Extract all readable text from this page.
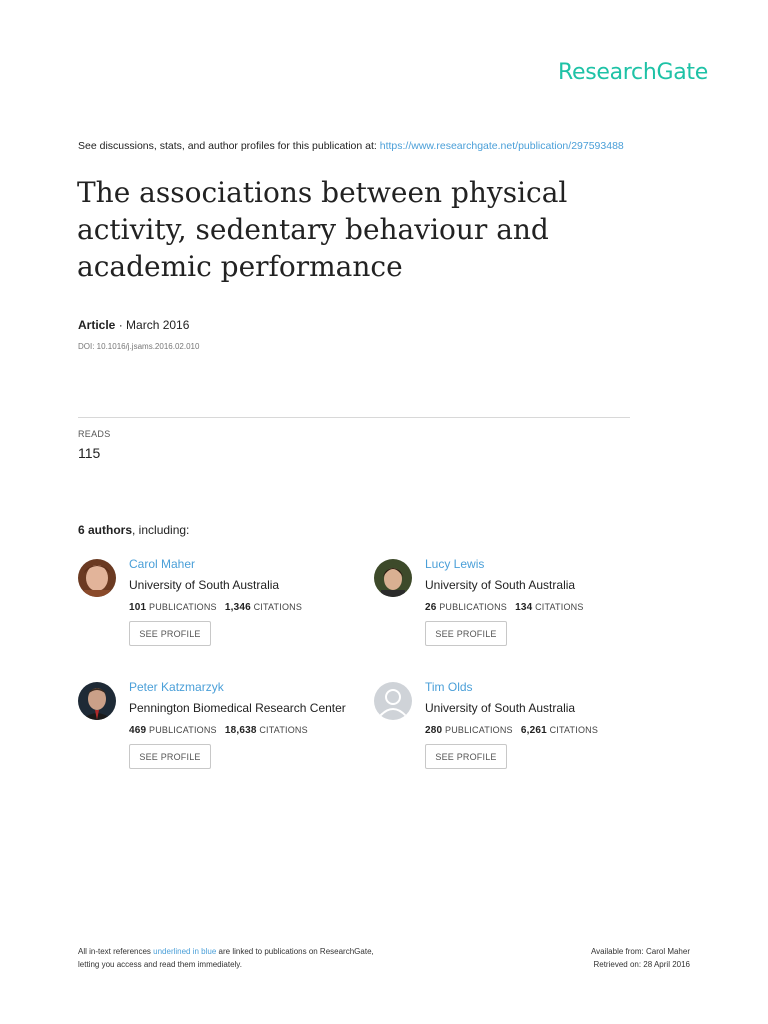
ResearchGate
See discussions, stats, and author profiles for this publication at: https://www.researchgate.net/publication/297593488
The associations between physical activity, sedentary behaviour and academic performance
Article · March 2016
DOI: 10.1016/j.jsams.2016.02.010
READS
115
6 authors, including:
Carol Maher
University of South Australia
101 PUBLICATIONS 1,346 CITATIONS
SEE PROFILE
Lucy Lewis
University of South Australia
26 PUBLICATIONS 134 CITATIONS
SEE PROFILE
Peter Katzmarzyk
Pennington Biomedical Research Center
469 PUBLICATIONS 18,638 CITATIONS
SEE PROFILE
Tim Olds
University of South Australia
280 PUBLICATIONS 6,261 CITATIONS
SEE PROFILE
All in-text references underlined in blue are linked to publications on ResearchGate,
letting you access and read them immediately.
Available from: Carol Maher
Retrieved on: 28 April 2016
